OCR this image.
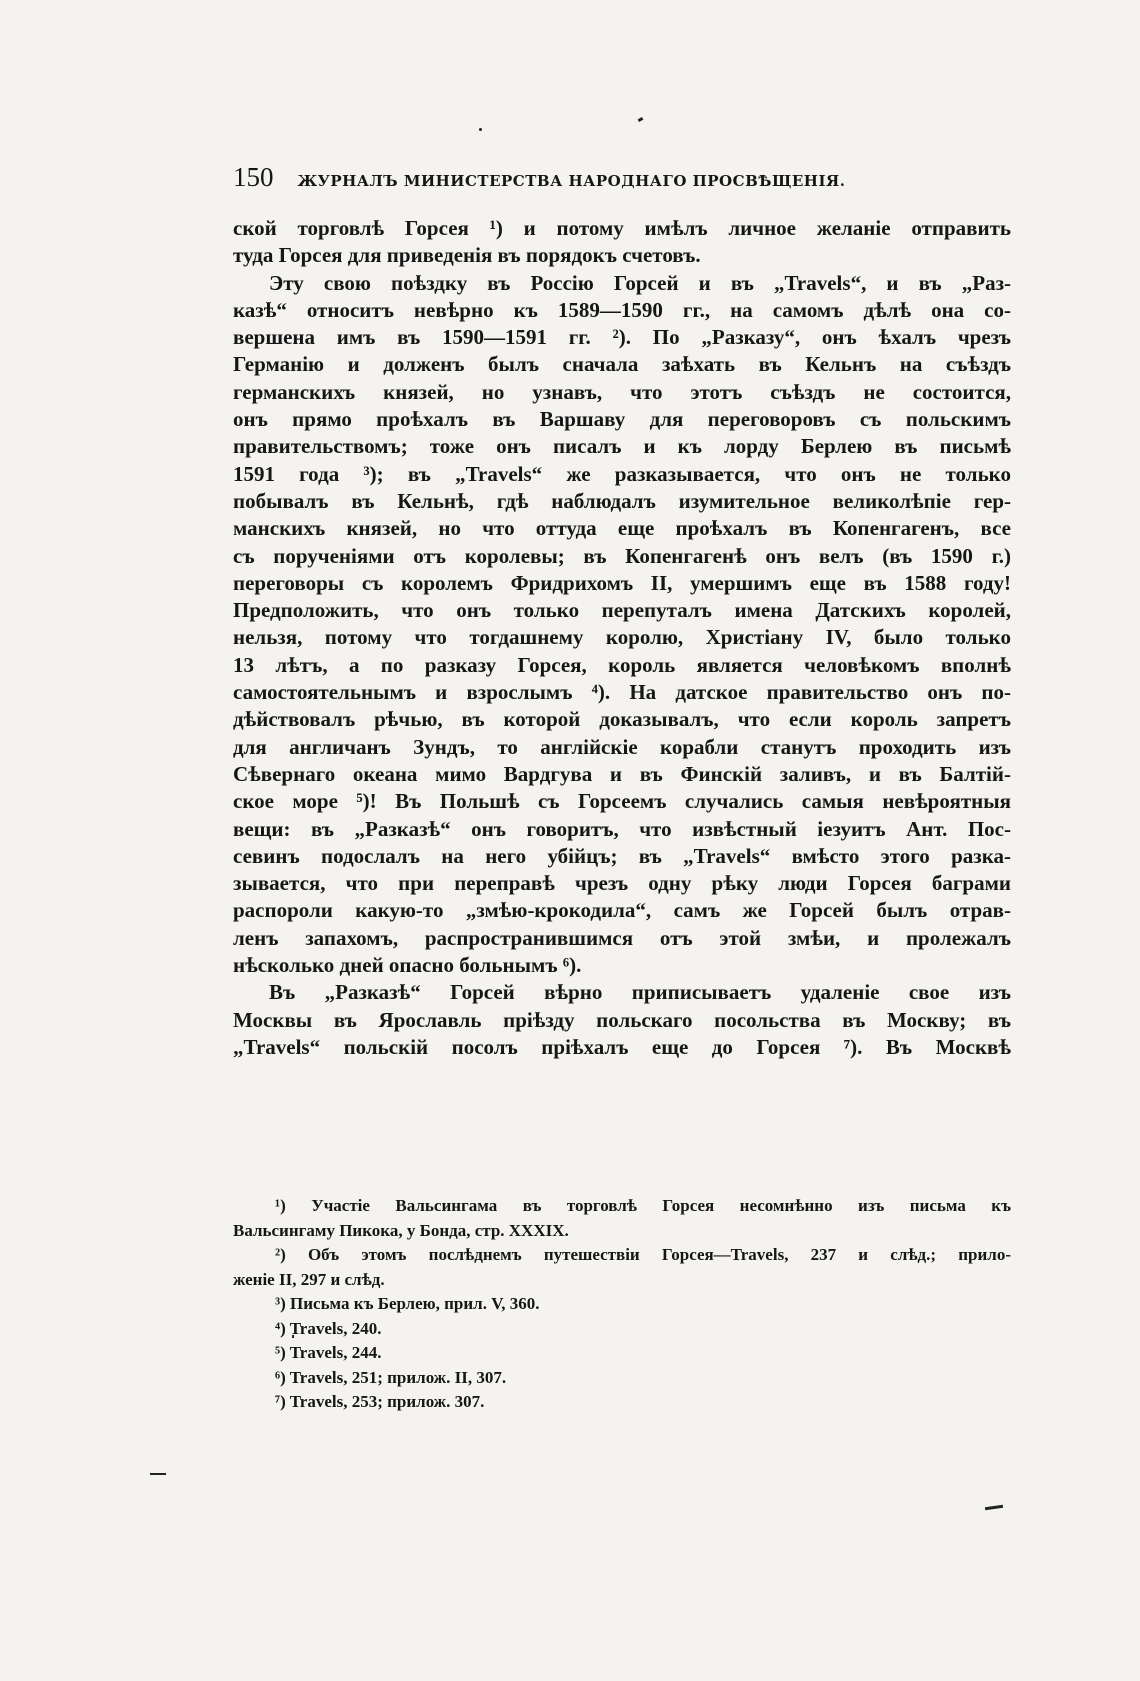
150 ЖУРНАЛЪ МИНИСТЕРСТВА НАРОДНАГО ПРОСВѢЩЕНІЯ.
ской торговлѣ Горсея ¹) и потому имѣлъ личное желаніе отправить
туда Горсея для приведенія въ порядокъ счетовъ.
Эту свою поѣздку въ Россію Горсей и въ „Travels“, и въ „Раз-
казѣ“ относитъ невѣрно къ 1589—1590 гг., на самомъ дѣлѣ она со-
вершена имъ въ 1590—1591 гг. ²). По „Разказу“, онъ ѣхалъ чрезъ
Германію и долженъ былъ сначала заѣхать въ Кельнъ на съѣздъ
германскихъ князей, но узнавъ, что этотъ съѣздъ не состоится,
онъ прямо проѣхалъ въ Варшаву для переговоровъ съ польскимъ
правительствомъ; тоже онъ писалъ и къ лорду Берлею въ письмѣ
1591 года ³); въ „Travels“ же разказывается, что онъ не только
побывалъ въ Кельнѣ, гдѣ наблюдалъ изумительное великолѣпіе гер-
манскихъ князей, но что оттуда еще проѣхалъ въ Копенгагенъ, все
съ порученіями отъ королевы; въ Копенгагенѣ онъ велъ (въ 1590 г.)
переговоры съ королемъ Фридрихомъ II, умершимъ еще въ 1588 году!
Предположить, что онъ только перепуталъ имена Датскихъ королей,
нельзя, потому что тогдашнему королю, Христіану IV, было только
13 лѣтъ, а по разказу Горсея, король является человѣкомъ вполнѣ
самостоятельнымъ и взрослымъ ⁴). На датское правительство онъ по-
дѣйствовалъ рѣчью, въ которой доказывалъ, что если король запретъ
для англичанъ Зундъ, то англійскіе корабли станутъ проходить изъ
Сѣвернаго океана мимо Вардгува и въ Финскій заливъ, и въ Балтій-
ское море ⁵)! Въ Польшѣ съ Горсеемъ случались самыя невѣроятныя
вещи: въ „Разказѣ“ онъ говоритъ, что извѣстный іезуитъ Ант. Пос-
севинъ подослалъ на него убійцъ; въ „Travels“ вмѣсто этого разка-
зывается, что при переправѣ чрезъ одну рѣку люди Горсея баграми
распороли какую-то „змѣю-крокодила“, самъ же Горсей былъ отрав-
ленъ запахомъ, распространившимся отъ этой змѣи, и пролежалъ
нѣсколько дней опасно больнымъ ⁶).
Въ „Разказѣ“ Горсей вѣрно приписываетъ удаленіе свое изъ
Москвы въ Ярославль пріѣзду польскаго посольства въ Москву; въ
„Travels“ польскій посолъ пріѣхалъ еще до Горсея ⁷). Въ Москвѣ
¹) Участіе Вальсингама въ торговлѣ Горсея несомнѣнно изъ письма къ
Вальсингаму Пикока, у Бонда, стр. XXXIX.
²) Объ этомъ послѣднемъ путешествіи Горсея—Travels, 237 и слѣд.; прило-
женіе II, 297 и слѣд.
³) Письма къ Берлею, прил. V, 360.
⁴) Travels, 240.
⁵) Travels, 244.
⁶) Travels, 251; прилож. II, 307.
⁷) Travels, 253; прилож. 307.
